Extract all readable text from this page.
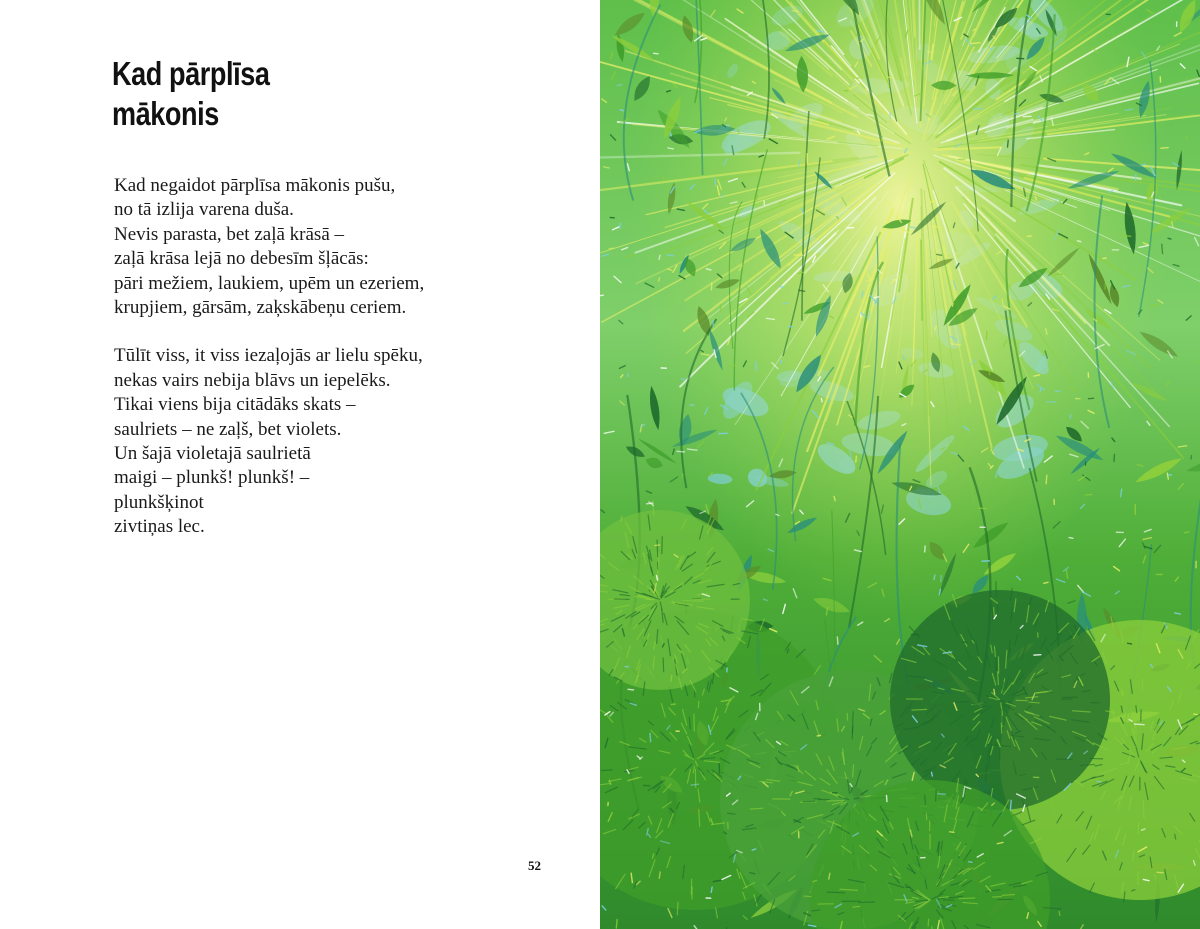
Kad pārplīsa
mākonis
Kad negaidot pārplīsa mākonis pušu,
no tā izlija varena duša.
Nevis parasta, bet zaļā krāsā –
zaļā krāsa lejā no debesīm šļācās:
pāri mežiem, laukiem, upēm un ezeriem,
krupjiem, gārsām, zaķskābeņu ceriem.
Tūlīt viss, it viss iezaļojās ar lielu spēku,
nekas vairs nebija blāvs un iepelēks.
Tikai viens bija citādāks skats –
saulriets – ne zaļš, bet violets.
Un šajā violetajā saulrietā
maigi – plunkš! plunkš! –
plunkšķinot
zivtiņas lec.
52
